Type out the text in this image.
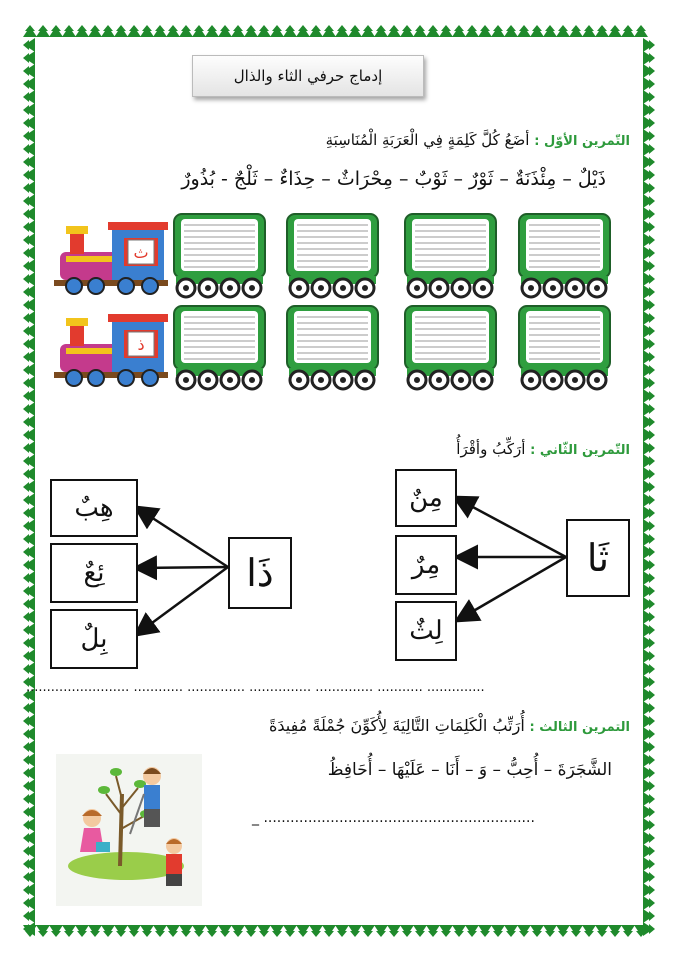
إدماج حرفي الثاء والذال
التّمرين الأوّل : أضَعُ كُلَّ كَلِمَةٍ فِي الْعَرَبَةِ الْمُنَاسِبَةِ
ذَيْلٌ – مِئْذَنَةٌ – ثَوْرٌ – ثَوْبٌ – مِحْرَاثٌ – حِذَاءٌ – ثَلْجٌ - بُذُورٌ
ث
ذ
التّمرين الثّاني : أرَكِّبُ وأقْرَأُ
ثَا
مِنٌ
مِرٌ
لِثٌ
ذَا
هِبٌ
ئِعٌ
بِلٌ
......................... ............ .............. ............... .............. ........... ..............
التمرين الثالث : أُرَتِّبُ الْكَلِمَاتِ التَّالِيَةَ لِأُكَوِّنَ جُمْلَةً مُفِيدَةً
الشَّجَرَةَ – أُحِبُّ – وَ – أَنَا – عَلَيْهَا – أُحَافِظُ
_ .............................................................
